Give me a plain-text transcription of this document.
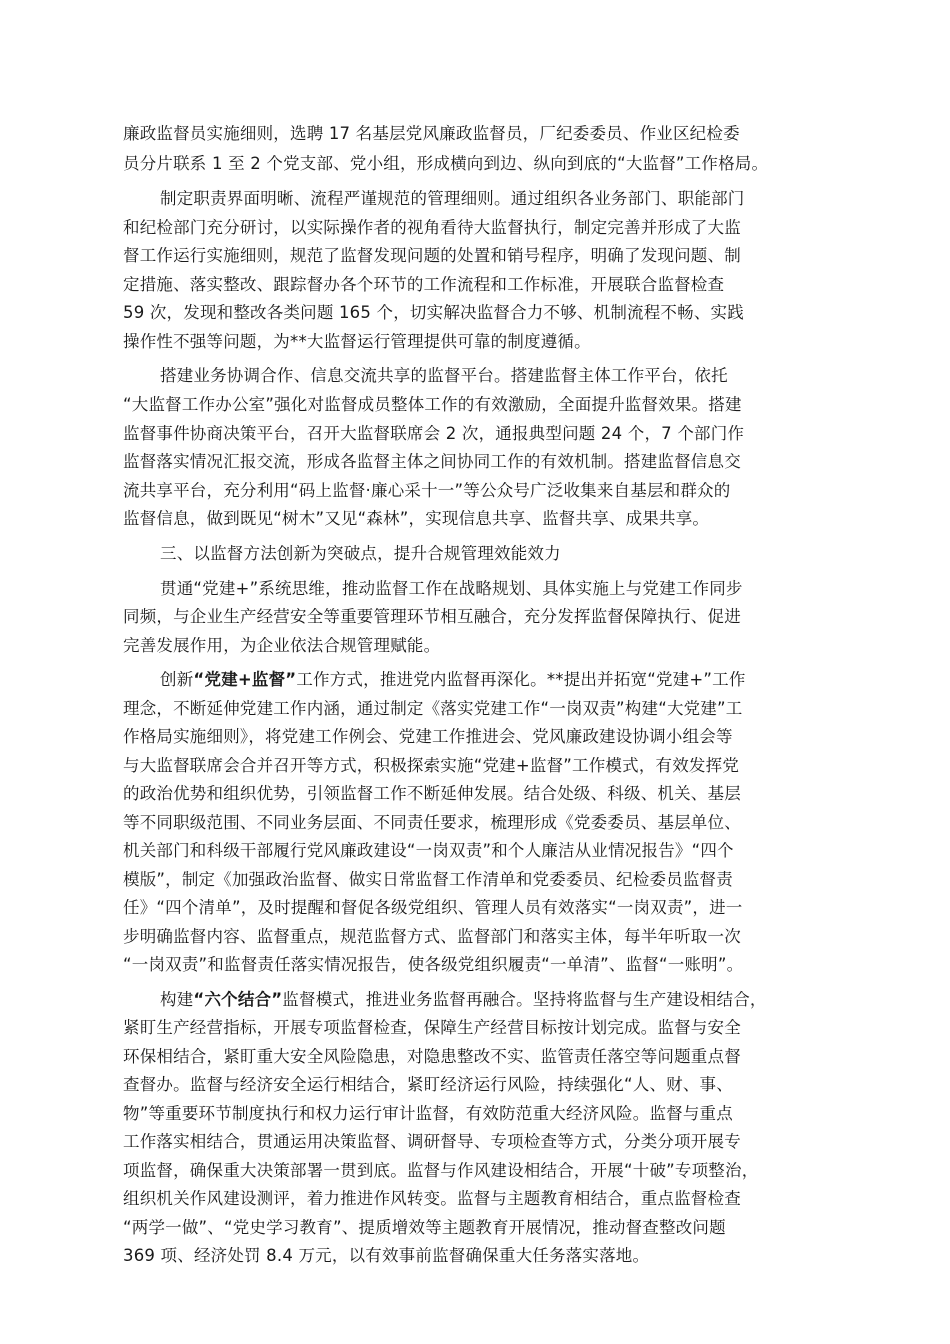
廉政监督员实施细则，选聘 17 名基层党风廉政监督员，厂纪委委员、作业区纪检委
员分片联系 1 至 2 个党支部、党小组，形成横向到边、纵向到底的“大监督”工作格局。
制定职责界面明晰、流程严谨规范的管理细则。通过组织各业务部门、职能部门
和纪检部门充分研讨，以实际操作者的视角看待大监督执行，制定完善并形成了大监
督工作运行实施细则，规范了监督发现问题的处置和销号程序，明确了发现问题、制
定措施、落实整改、跟踪督办各个环节的工作流程和工作标准，开展联合监督检查
59 次，发现和整改各类问题 165 个，切实解决监督合力不够、机制流程不畅、实践
操作性不强等问题，为**大监督运行管理提供可靠的制度遵循。
搭建业务协调合作、信息交流共享的监督平台。搭建监督主体工作平台，依托
“大监督工作办公室”强化对监督成员整体工作的有效激励，全面提升监督效果。搭建
监督事件协商决策平台，召开大监督联席会 2 次，通报典型问题 24 个，7 个部门作
监督落实情况汇报交流，形成各监督主体之间协同工作的有效机制。搭建监督信息交
流共享平台，充分利用“码上监督·廉心采十一”等公众号广泛收集来自基层和群众的
监督信息，做到既见“树木”又见“森林”，实现信息共享、监督共享、成果共享。
三、以监督方法创新为突破点，提升合规管理效能效力
贯通“党建+”系统思维，推动监督工作在战略规划、具体实施上与党建工作同步
同频，与企业生产经营安全等重要管理环节相互融合，充分发挥监督保障执行、促进
完善发展作用，为企业依法合规管理赋能。
创新“党建+监督”工作方式，推进党内监督再深化。**提出并拓宽“党建+”工作
理念，不断延伸党建工作内涵，通过制定《落实党建工作“一岗双责”构建“大党建”工
作格局实施细则》，将党建工作例会、党建工作推进会、党风廉政建设协调小组会等
与大监督联席会合并召开等方式，积极探索实施“党建+监督”工作模式，有效发挥党
的政治优势和组织优势，引领监督工作不断延伸发展。结合处级、科级、机关、基层
等不同职级范围、不同业务层面、不同责任要求，梳理形成《党委委员、基层单位、
机关部门和科级干部履行党风廉政建设“一岗双责”和个人廉洁从业情况报告》“四个
模版”，制定《加强政治监督、做实日常监督工作清单和党委委员、纪检委员监督责
任》“四个清单”，及时提醒和督促各级党组织、管理人员有效落实“一岗双责”，进一
步明确监督内容、监督重点，规范监督方式、监督部门和落实主体，每半年听取一次
“一岗双责”和监督责任落实情况报告，使各级党组织履责“一单清”、监督“一账明”。
构建“六个结合”监督模式，推进业务监督再融合。坚持将监督与生产建设相结合，
紧盯生产经营指标，开展专项监督检查，保障生产经营目标按计划完成。监督与安全
环保相结合，紧盯重大安全风险隐患，对隐患整改不实、监管责任落空等问题重点督
查督办。监督与经济安全运行相结合，紧盯经济运行风险，持续强化“人、财、事、
物”等重要环节制度执行和权力运行审计监督，有效防范重大经济风险。监督与重点
工作落实相结合，贯通运用决策监督、调研督导、专项检查等方式，分类分项开展专
项监督，确保重大决策部署一贯到底。监督与作风建设相结合，开展“十破”专项整治，
组织机关作风建设测评，着力推进作风转变。监督与主题教育相结合，重点监督检查
“两学一做”、“党史学习教育”、提质增效等主题教育开展情况，推动督查整改问题
369 项、经济处罚 8.4 万元，以有效事前监督确保重大任务落实落地。
